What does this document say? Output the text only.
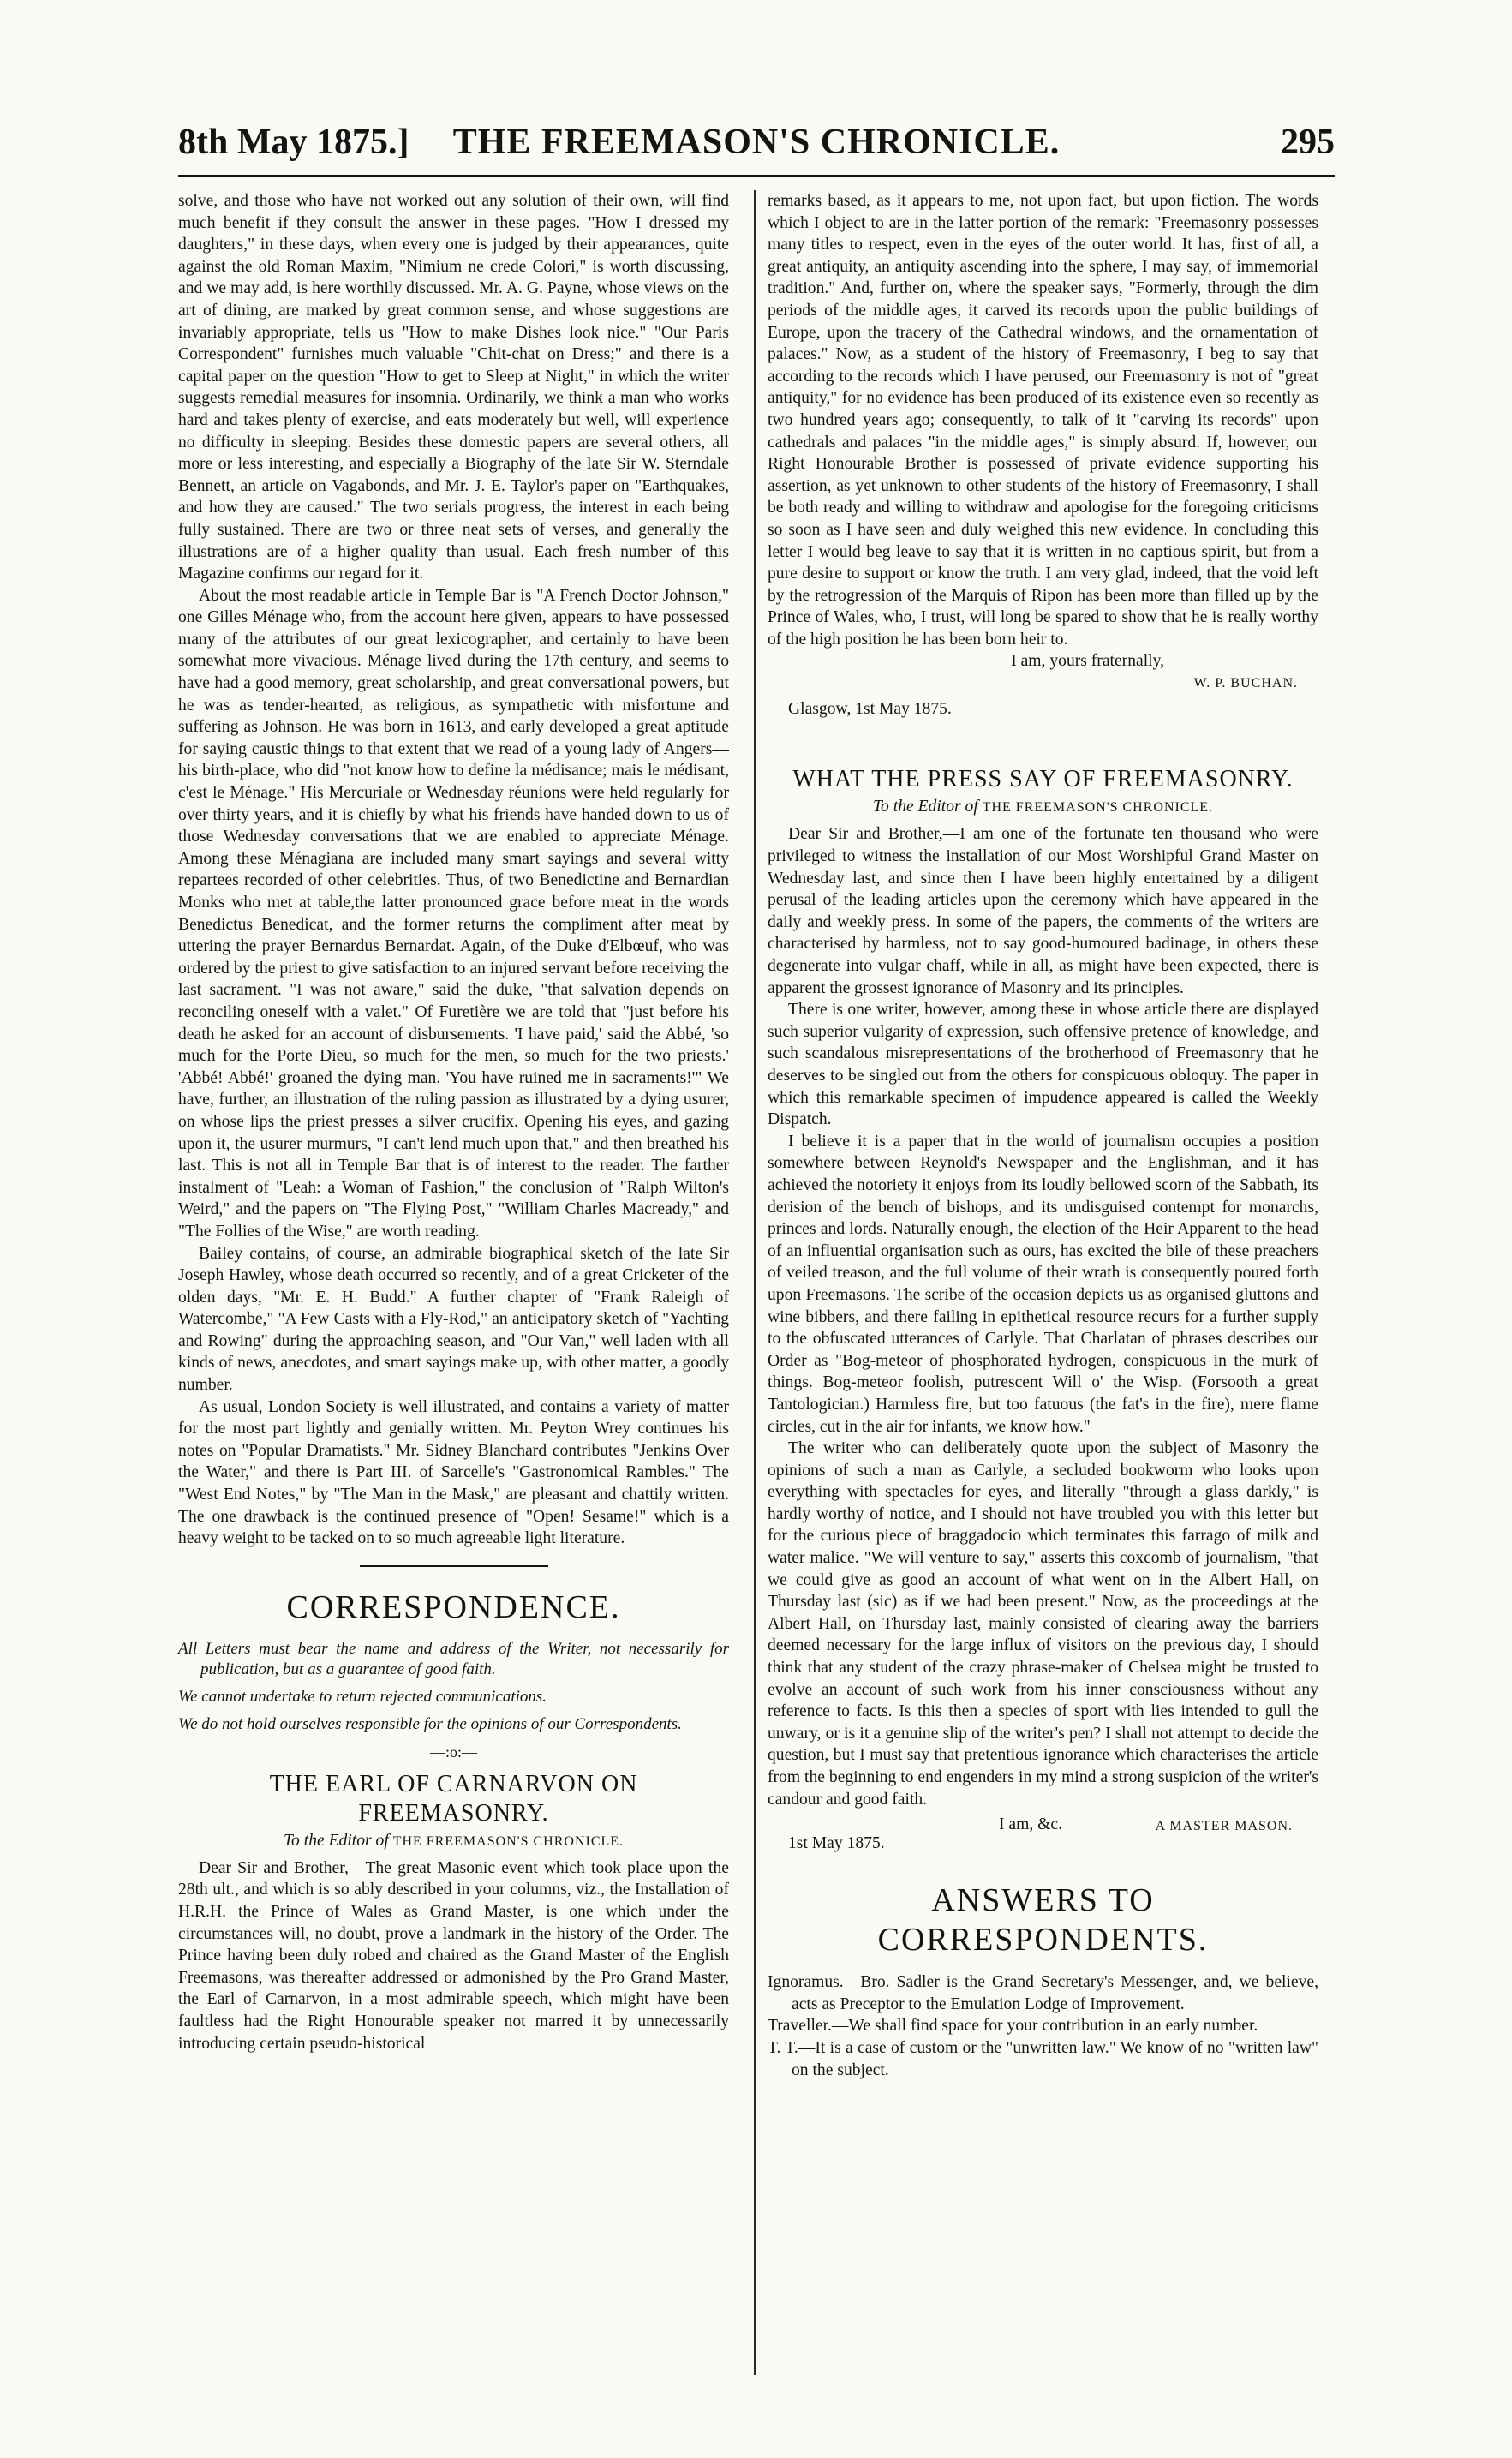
8th May 1875.]	THE FREEMASON'S CHRONICLE.	295

solve, and those who have not worked out any solution of their own, will find much benefit if they consult the answer in these pages. "How I dressed my daughters," in these days, when every one is judged by their appearances, quite against the old Roman Maxim, "Nimium ne crede Colori," is worth discussing, and we may add, is here worthily discussed. Mr. A. G. Payne, whose views on the art of dining, are marked by great common sense, and whose suggestions are invariably appropriate, tells us "How to make Dishes look nice." "Our Paris Correspondent" furnishes much valuable "Chit-chat on Dress;" and there is a capital paper on the question "How to get to Sleep at Night," in which the writer suggests remedial measures for insomnia. Ordinarily, we think a man who works hard and takes plenty of exercise, and eats moderately but well, will experience no difficulty in sleeping. Besides these domestic papers are several others, all more or less interesting, and especially a Biography of the late Sir W. Sterndale Bennett, an article on Vagabonds, and Mr. J. E. Taylor's paper on "Earthquakes, and how they are caused." The two serials progress, the interest in each being fully sustained. There are two or three neat sets of verses, and generally the illustrations are of a higher quality than usual. Each fresh number of this Magazine confirms our regard for it.

About the most readable article in Temple Bar is "A French Doctor Johnson," one Gilles Ménage who, from the account here given, appears to have possessed many of the attributes of our great lexicographer, and certainly to have been somewhat more vivacious. Ménage lived during the 17th century, and seems to have had a good memory, great scholarship, and great conversational powers, but he was as tender-hearted, as religious, as sympathetic with misfortune and suffering as Johnson. He was born in 1613, and early developed a great aptitude for saying caustic things to that extent that we read of a young lady of Angers—his birth-place, who did "not know how to define la médisance; mais le médisant, c'est le Ménage." His Mercuriale or Wednesday réunions were held regularly for over thirty years, and it is chiefly by what his friends have handed down to us of those Wednesday conversations that we are enabled to appreciate Ménage. Among these Ménagiana are included many smart sayings and several witty repartees recorded of other celebrities. Thus, of two Benedictine and Bernardian Monks who met at table,the latter pronounced grace before meat in the words Benedictus Benedicat, and the former returns the compliment after meat by uttering the prayer Bernardus Bernardat. Again, of the Duke d'Elbœuf, who was ordered by the priest to give satisfaction to an injured servant before receiving the last sacrament. "I was not aware," said the duke, "that salvation depends on reconciling oneself with a valet." Of Furetière we are told that "just before his death he asked for an account of disbursements. 'I have paid,' said the Abbé, 'so much for the Porte Dieu, so much for the men, so much for the two priests.' 'Abbé! Abbé!' groaned the dying man. 'You have ruined me in sacraments!'" We have, further, an illustration of the ruling passion as illustrated by a dying usurer, on whose lips the priest presses a silver crucifix. Opening his eyes, and gazing upon it, the usurer murmurs, "I can't lend much upon that," and then breathed his last. This is not all in Temple Bar that is of interest to the reader. The farther instalment of "Leah: a Woman of Fashion," the conclusion of "Ralph Wilton's Weird," and the papers on "The Flying Post," "William Charles Macready," and "The Follies of the Wise," are worth reading.

Bailey contains, of course, an admirable biographical sketch of the late Sir Joseph Hawley, whose death occurred so recently, and of a great Cricketer of the olden days, "Mr. E. H. Budd." A further chapter of "Frank Raleigh of Watercombe," "A Few Casts with a Fly-Rod," an anticipatory sketch of "Yachting and Rowing" during the approaching season, and "Our Van," well laden with all kinds of news, anecdotes, and smart sayings make up, with other matter, a goodly number.

As usual, London Society is well illustrated, and contains a variety of matter for the most part lightly and genially written. Mr. Peyton Wrey continues his notes on "Popular Dramatists." Mr. Sidney Blanchard contributes "Jenkins Over the Water," and there is Part III. of Sarcelle's "Gastronomical Rambles." The "West End Notes," by "The Man in the Mask," are pleasant and chattily written. The one drawback is the continued presence of "Open! Sesame!" which is a heavy weight to be tacked on to so much agreeable light literature.

CORRESPONDENCE.

All Letters must bear the name and address of the Writer, not necessarily for publication, but as a guarantee of good faith.

We cannot undertake to return rejected communications.

We do not hold ourselves responsible for the opinions of our Correspondents.

—:o:—
THE EARL OF CARNARVON ON FREEMASONRY.
To the Editor of THE FREEMASON'S CHRONICLE.

Dear Sir and Brother,—The great Masonic event which took place upon the 28th ult., and which is so ably described in your columns, viz., the Installation of H.R.H. the Prince of Wales as Grand Master, is one which under the circumstances will, no doubt, prove a landmark in the history of the Order. The Prince having been duly robed and chaired as the Grand Master of the English Freemasons, was thereafter addressed or admonished by the Pro Grand Master, the Earl of Carnarvon, in a most admirable speech, which might have been faultless had the Right Honourable speaker not marred it by unnecessarily introducing certain pseudo-historical

remarks based, as it appears to me, not upon fact, but upon fiction. The words which I object to are in the latter portion of the remark: "Freemasonry possesses many titles to respect, even in the eyes of the outer world. It has, first of all, a great antiquity, an antiquity ascending into the sphere, I may say, of immemorial tradition." And, further on, where the speaker says, "Formerly, through the dim periods of the middle ages, it carved its records upon the public buildings of Europe, upon the tracery of the Cathedral windows, and the ornamentation of palaces." Now, as a student of the history of Freemasonry, I beg to say that according to the records which I have perused, our Freemasonry is not of "great antiquity," for no evidence has been produced of its existence even so recently as two hundred years ago; consequently, to talk of it "carving its records" upon cathedrals and palaces "in the middle ages," is simply absurd. If, however, our Right Honourable Brother is possessed of private evidence supporting his assertion, as yet unknown to other students of the history of Freemasonry, I shall be both ready and willing to withdraw and apologise for the foregoing criticisms so soon as I have seen and duly weighed this new evidence. In concluding this letter I would beg leave to say that it is written in no captious spirit, but from a pure desire to support or know the truth. I am very glad, indeed, that the void left by the retrogression of the Marquis of Ripon has been more than filled up by the Prince of Wales, who, I trust, will long be spared to show that he is really worthy of the high position he has been born heir to.

I am, yours fraternally,
W. P. BUCHAN.
Glasgow, 1st May 1875.
WHAT THE PRESS SAY OF FREEMASONRY.
To the Editor of THE FREEMASON'S CHRONICLE.

Dear Sir and Brother,—I am one of the fortunate ten thousand who were privileged to witness the installation of our Most Worshipful Grand Master on Wednesday last, and since then I have been highly entertained by a diligent perusal of the leading articles upon the ceremony which have appeared in the daily and weekly press. In some of the papers, the comments of the writers are characterised by harmless, not to say good-humoured badinage, in others these degenerate into vulgar chaff, while in all, as might have been expected, there is apparent the grossest ignorance of Masonry and its principles.

There is one writer, however, among these in whose article there are displayed such superior vulgarity of expression, such offensive pretence of knowledge, and such scandalous misrepresentations of the brotherhood of Freemasonry that he deserves to be singled out from the others for conspicuous obloquy. The paper in which this remarkable specimen of impudence appeared is called the Weekly Dispatch.

I believe it is a paper that in the world of journalism occupies a position somewhere between Reynold's Newspaper and the Englishman, and it has achieved the notoriety it enjoys from its loudly bellowed scorn of the Sabbath, its derision of the bench of bishops, and its undisguised contempt for monarchs, princes and lords. Naturally enough, the election of the Heir Apparent to the head of an influential organisation such as ours, has excited the bile of these preachers of veiled treason, and the full volume of their wrath is consequently poured forth upon Freemasons. The scribe of the occasion depicts us as organised gluttons and wine bibbers, and there failing in epithetical resource recurs for a further supply to the obfuscated utterances of Carlyle. That Charlatan of phrases describes our Order as "Bog-meteor of phosphorated hydrogen, conspicuous in the murk of things. Bog-meteor foolish, putrescent Will o' the Wisp. (Forsooth a great Tantologician.) Harmless fire, but too fatuous (the fat's in the fire), mere flame circles, cut in the air for infants, we know how."

The writer who can deliberately quote upon the subject of Masonry the opinions of such a man as Carlyle, a secluded bookworm who looks upon everything with spectacles for eyes, and literally "through a glass darkly," is hardly worthy of notice, and I should not have troubled you with this letter but for the curious piece of braggadocio which terminates this farrago of milk and water malice. "We will venture to say," asserts this coxcomb of journalism, "that we could give as good an account of what went on in the Albert Hall, on Thursday last (sic) as if we had been present." Now, as the proceedings at the Albert Hall, on Thursday last, mainly consisted of clearing away the barriers deemed necessary for the large influx of visitors on the previous day, I should think that any student of the crazy phrase-maker of Chelsea might be trusted to evolve an account of such work from his inner consciousness without any reference to facts. Is this then a species of sport with lies intended to gull the unwary, or is it a genuine slip of the writer's pen? I shall not attempt to decide the question, but I must say that pretentious ignorance which characterises the article from the beginning to end engenders in my mind a strong suspicion of the writer's candour and good faith.

I am, &c.	A MASTER MASON.
1st May 1875.
ANSWERS TO CORRESPONDENTS.

Ignoramus.—Bro. Sadler is the Grand Secretary's Messenger, and, we believe, acts as Preceptor to the Emulation Lodge of Improvement.

Traveller.—We shall find space for your contribution in an early number.

T. T.—It is a case of custom or the "unwritten law." We know of no "written law" on the subject.
